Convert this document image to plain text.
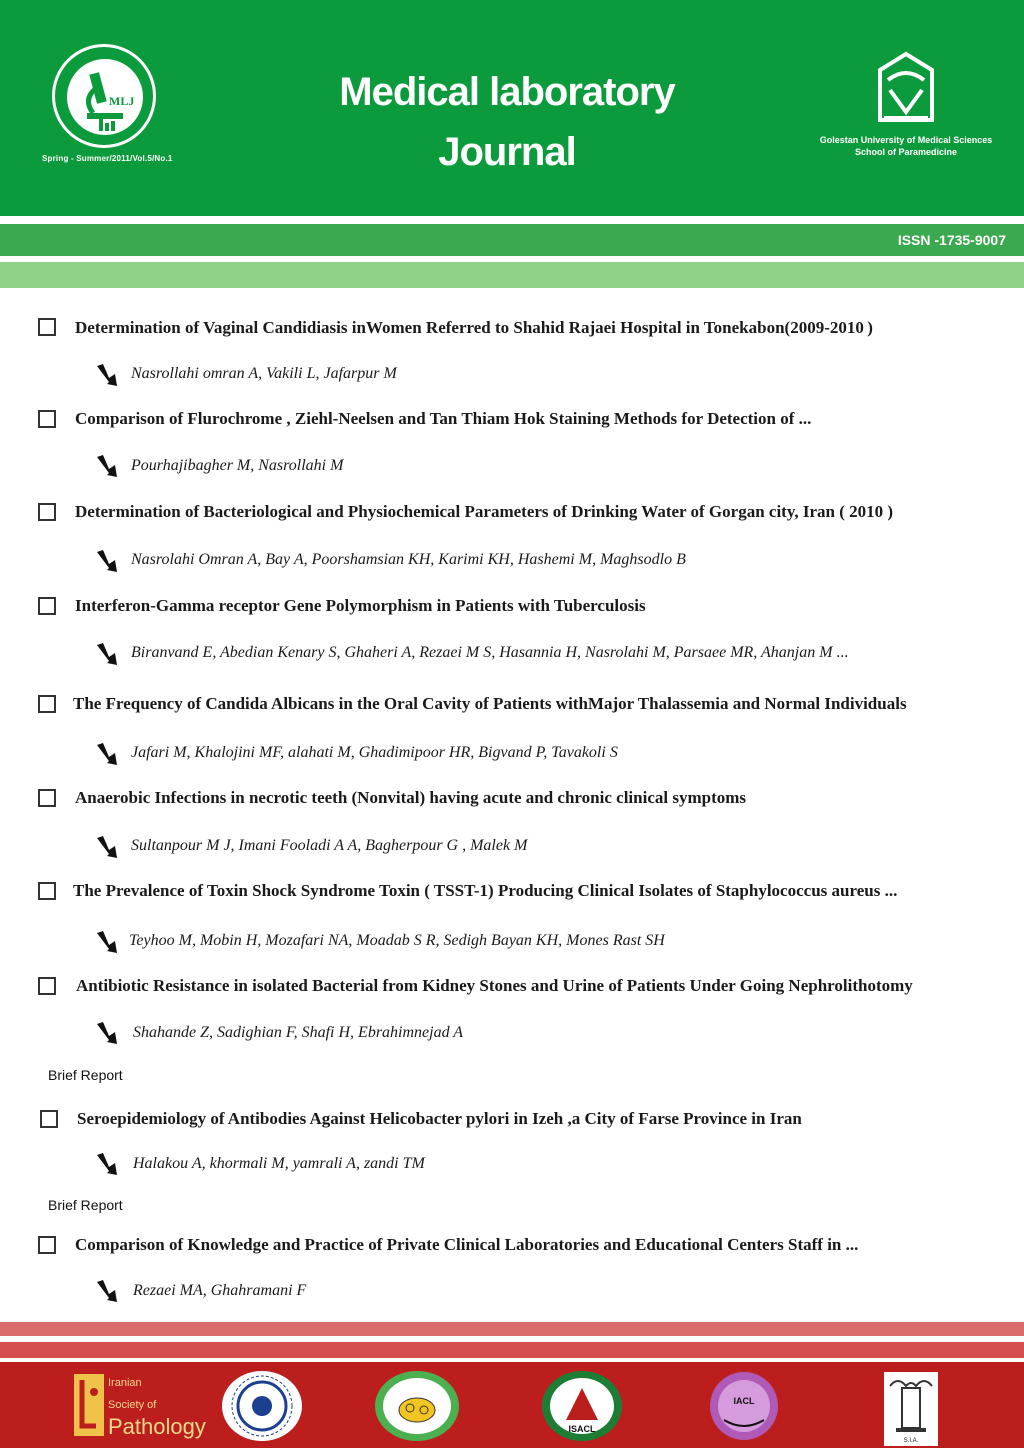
MLJ
Spring - Summer/2011/Vol.5/No.1
Medical laboratory
Journal	Golestan University of Medical Sciences
School of Paramedicine
ISSN -1735-9007
Determination of Vaginal Candidiasis inWomen Referred to Shahid Rajaei Hospital in Tonekabon(2009-2010 )
Nasrollahi omran A, Vakili L, Jafarpur M
Comparison of Flurochrome , Ziehl-Neelsen and Tan Thiam Hok Staining Methods for Detection of ...
Pourhajibagher M, Nasrollahi M
Determination of Bacteriological and Physiochemical Parameters of Drinking Water of Gorgan city, Iran ( 2010 )
Nasrolahi Omran A, Bay A, Poorshamsian KH, Karimi KH, Hashemi M, Maghsodlo B
Interferon-Gamma receptor Gene Polymorphism in Patients with Tuberculosis
Biranvand E, Abedian Kenary S, Ghaheri A, Rezaei M S, Hasannia H, Nasrolahi M, Parsaee MR, Ahanjan M ...
The Frequency of Candida Albicans in the Oral Cavity of Patients withMajor Thalassemia and Normal Individuals
Jafari M, Khalojini MF, alahati M, Ghadimipoor HR, Bigvand P, Tavakoli S
Anaerobic Infections in necrotic teeth (Nonvital) having acute and chronic clinical symptoms
Sultanpour M J, Imani Fooladi A A, Bagherpour G , Malek M
The Prevalence of Toxin Shock Syndrome Toxin ( TSST-1) Producing Clinical Isolates of Staphylococcus aureus ...
Teyhoo M, Mobin H, Mozafari NA, Moadab S R, Sedigh Bayan KH, Mones Rast SH
Antibiotic Resistance in isolated Bacterial from Kidney Stones and Urine of Patients Under Going Nephrolithotomy
Shahande Z, Sadighian F, Shafi H, Ebrahimnejad A
Brief Report
Seroepidemiology of Antibodies Against Helicobacter pylori in Izeh ,a City of Farse Province in Iran
Halakou A, khormali M, yamrali A, zandi TM
Brief Report
Comparison of Knowledge and Practice of Private Clinical Laboratories and Educational Centers Staff in ...
Rezaei MA, Ghahramani F
Iranian
Society of
Pathology	ISACL
IACL
S.I.A.
